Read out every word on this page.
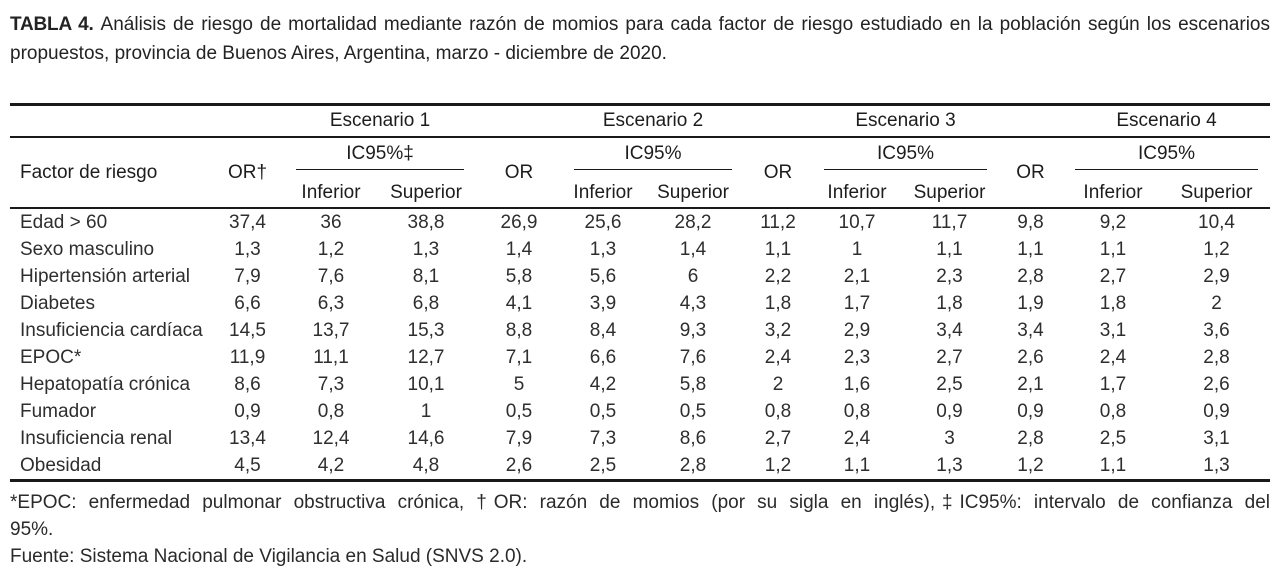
TABLA 4. Análisis de riesgo de mortalidad mediante razón de momios para cada factor de riesgo estudiado en la población según los escenarios propuestos, provincia de Buenos Aires, Argentina, marzo - diciembre de 2020.

		Escenario 1			Escenario 2			Escenario 3			Escenario 4	
Factor de riesgo	OR†	IC95%‡		OR	IC95%		OR	IC95%		OR	IC95%	

		Inferior	Superior		Inferior	Superior		Inferior	Superior		Inferior	Superior
Edad > 60	37,4	36	38,8	26,9	25,6	28,2	11,2	10,7	11,7	9,8	9,2	10,4
Sexo masculino	1,3	1,2	1,3	1,4	1,3	1,4	1,1	1	1,1	1,1	1,1	1,2
Hipertensión arterial	7,9	7,6	8,1	5,8	5,6	6	2,2	2,1	2,3	2,8	2,7	2,9
Diabetes	6,6	6,3	6,8	4,1	3,9	4,3	1,8	1,7	1,8	1,9	1,8	2
Insuficiencia cardíaca	14,5	13,7	15,3	8,8	8,4	9,3	3,2	2,9	3,4	3,4	3,1	3,6
EPOC*	11,9	11,1	12,7	7,1	6,6	7,6	2,4	2,3	2,7	2,6	2,4	2,8
Hepatopatía crónica	8,6	7,3	10,1	5	4,2	5,8	2	1,6	2,5	2,1	1,7	2,6
Fumador	0,9	0,8	1	0,5	0,5	0,5	0,8	0,8	0,9	0,9	0,8	0,9
Insuficiencia renal	13,4	12,4	14,6	7,9	7,3	8,6	2,7	2,4	3	2,8	2,5	3,1
Obesidad	4,5	4,2	4,8	2,6	2,5	2,8	1,2	1,1	1,3	1,2	1,1	1,3

*EPOC: enfermedad pulmonar obstructiva crónica, †OR: razón de momios (por su sigla en inglés),‡IC95%: intervalo de confianza del

95%.

Fuente: Sistema Nacional de Vigilancia en Salud (SNVS 2.0).
